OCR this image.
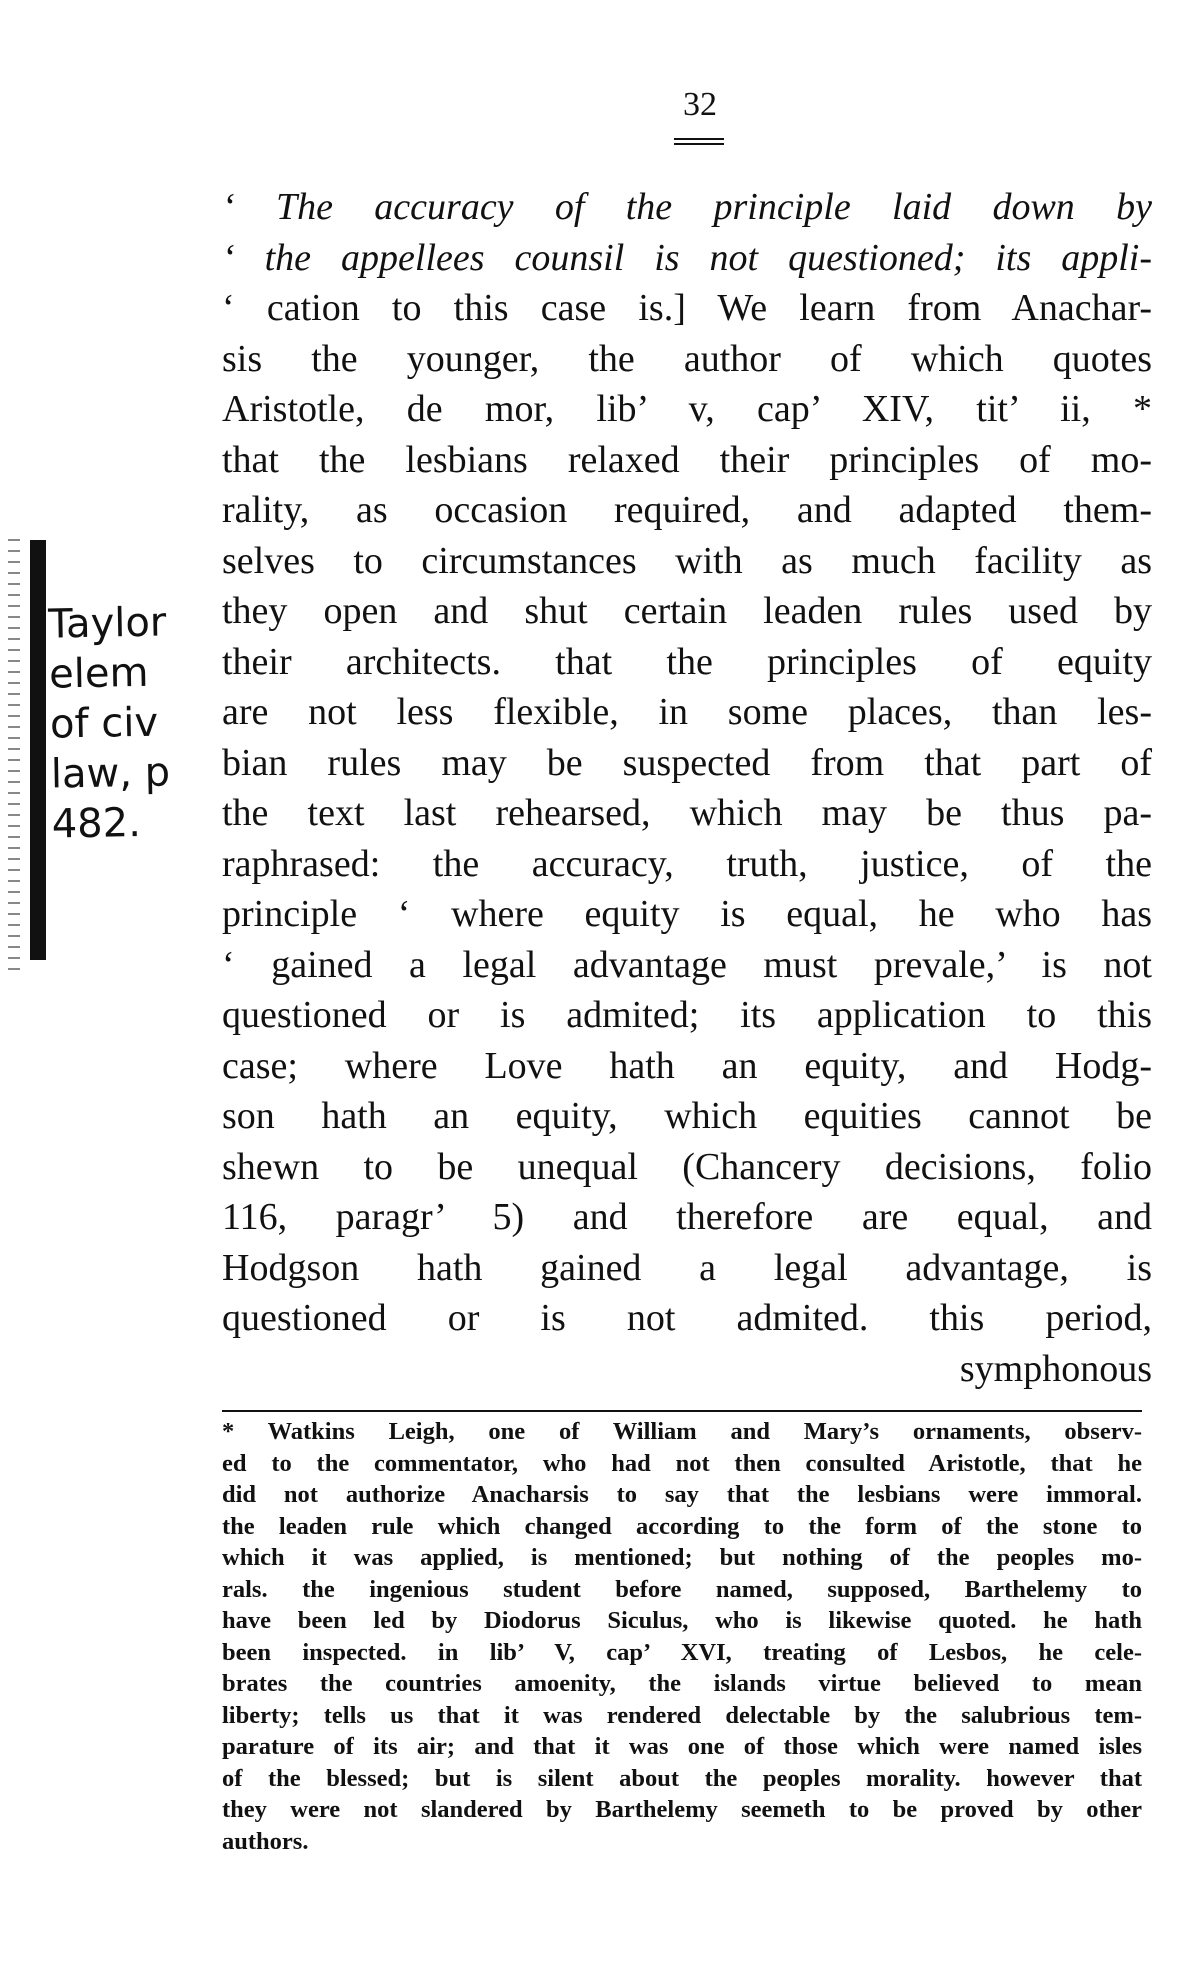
32
‘ The accuracy of the principle laid down by
‘ the appellees counsil is not questioned; its appli-
‘ cation to this case is.] We learn from Anachar-
sis the younger, the author of which quotes
Aristotle, de mor, lib’ v, cap’ XIV, tit’ ii, *
that the lesbians relaxed their principles of mo-
rality, as occasion required, and adapted them-
selves to circumstances with as much facility as
they open and shut certain leaden rules used by
their architects. that the principles of equity
are not less flexible, in some places, than les-
bian rules may be suspected from that part of
the text last rehearsed, which may be thus pa-
raphrased: the accuracy, truth, justice, of the
principle ‘ where equity is equal, he who has
‘ gained a legal advantage must prevale,’ is not
questioned or is admited; its application to this
case; where Love hath an equity, and Hodg-
son hath an equity, which equities cannot be
shewn to be unequal (Chancery decisions, folio
116, paragr’ 5) and therefore are equal, and
Hodgson hath gained a legal advantage, is
questioned or is not admited. this period,
symphonous
* Watkins Leigh, one of William and Mary’s ornaments, observ-
ed to the commentator, who had not then consulted Aristotle, that he
did not authorize Anacharsis to say that the lesbians were immoral.
the leaden rule which changed according to the form of the stone to
which it was applied, is mentioned; but nothing of the peoples mo-
rals. the ingenious student before named, supposed, Barthelemy to
have been led by Diodorus Siculus, who is likewise quoted. he hath
been inspected. in lib’ V, cap’ XVI, treating of Lesbos, he cele-
brates the countries amoenity, the islands virtue believed to mean
liberty; tells us that it was rendered delectable by the salubrious tem-
parature of its air; and that it was one of those which were named isles
of the blessed; but is silent about the peoples morality. however that
they were not slandered by Barthelemy seemeth to be proved by other
authors.
Taylor
elem
of civ
law, p
482.
